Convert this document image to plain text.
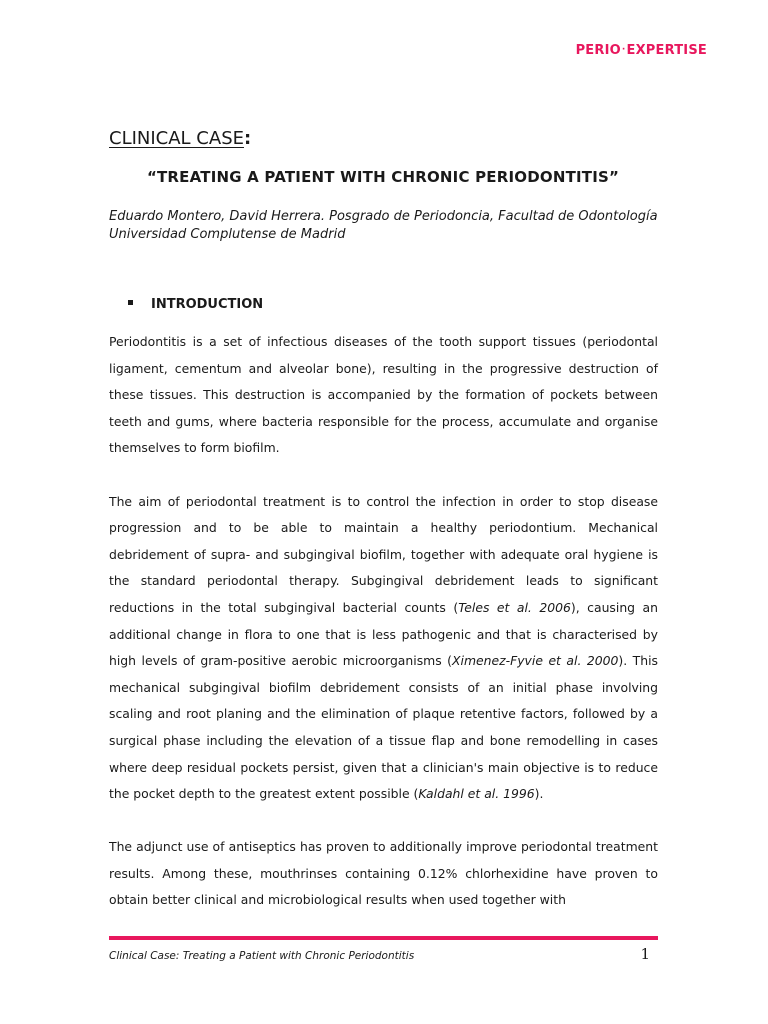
PERIO·EXPERTISE
CLINICAL CASE:
“TREATING A PATIENT WITH CHRONIC PERIODONTITIS”
Eduardo Montero, David Herrera. Posgrado de Periodoncia, Facultad de Odontología
Universidad Complutense de Madrid
INTRODUCTION

Periodontitis is a set of infectious diseases of the tooth support tissues (periodontal ligament, cementum and alveolar bone), resulting in the progressive destruction of these tissues. This destruction is accompanied by the formation of pockets between teeth and gums, where bacteria responsible for the process, accumulate and organise themselves to form biofilm.

The aim of periodontal treatment is to control the infection in order to stop disease progression and to be able to maintain a healthy periodontium. Mechanical debridement of supra- and subgingival biofilm, together with adequate oral hygiene is the standard periodontal therapy. Subgingival debridement leads to significant reductions in the total subgingival bacterial counts (Teles et al. 2006), causing an additional change in flora to one that is less pathogenic and that is characterised by high levels of gram-positive aerobic microorganisms (Ximenez-Fyvie et al. 2000). This mechanical subgingival biofilm debridement consists of an initial phase involving scaling and root planing and the elimination of plaque retentive factors, followed by a surgical phase including the elevation of a tissue flap and bone remodelling in cases where deep residual pockets persist, given that a clinician's main objective is to reduce the pocket depth to the greatest extent possible (Kaldahl et al. 1996).

The adjunct use of antiseptics has proven to additionally improve periodontal treatment results. Among these, mouthrinses containing 0.12% chlorhexidine have proven to obtain better clinical and microbiological results when used together with

Clinical Case: Treating a Patient with Chronic Periodontitis	1
